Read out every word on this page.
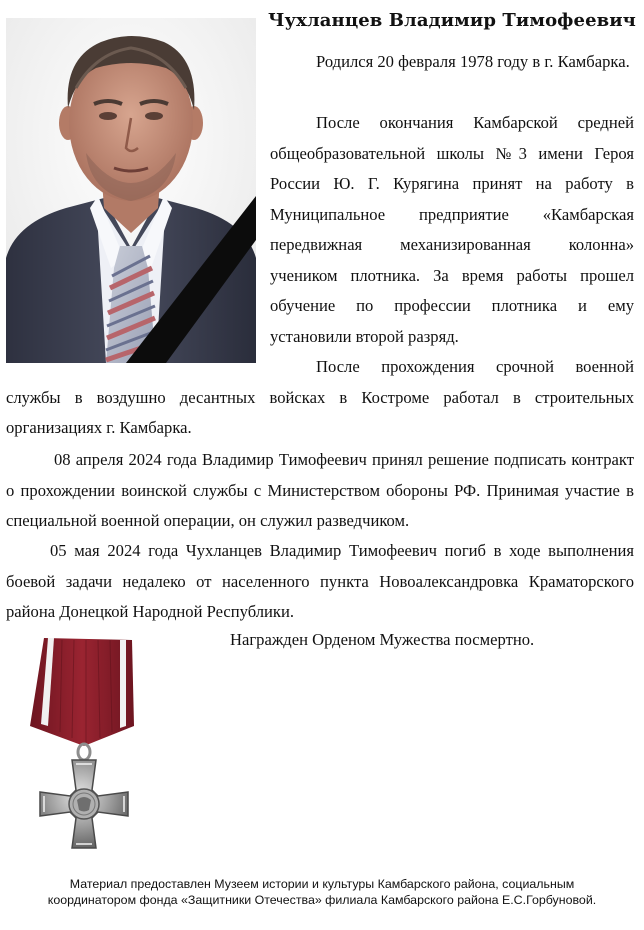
Чухланцев Владимир Тимофеевич

Родился 20 февраля 1978 году в г. Камбарка.

После окончания Камбарской средней общеобразовательной школы №3 имени Героя России Ю. Г. Курягина принят на работу в Муниципальное предприятие «Камбарская передвижная механизированная колонна» учеником плотника. За время работы прошел обучение по профессии плотника и ему установили второй разряд.

После прохождения срочной военной
службы в воздушно десантных войсках в Костроме работал в строительных организациях г. Камбарка.

08 апреля 2024 года Владимир Тимофеевич принял решение подписать контракт о прохождении воинской службы с Министерством обороны РФ. Принимая участие в специальной военной операции, он служил разведчиком.

05 мая 2024 года Чухланцев Владимир Тимофеевич погиб в ходе выполнения боевой задачи недалеко от населенного пункта Новоалександровка Краматорского района Донецкой Народной Республики.

Награжден Орденом Мужества посмертно.
Материал предоставлен Музеем истории и культуры Камбарского района, социальным
координатором фонда «Защитники Отечества» филиала Камбарского района Е.С.Горбуновой.
